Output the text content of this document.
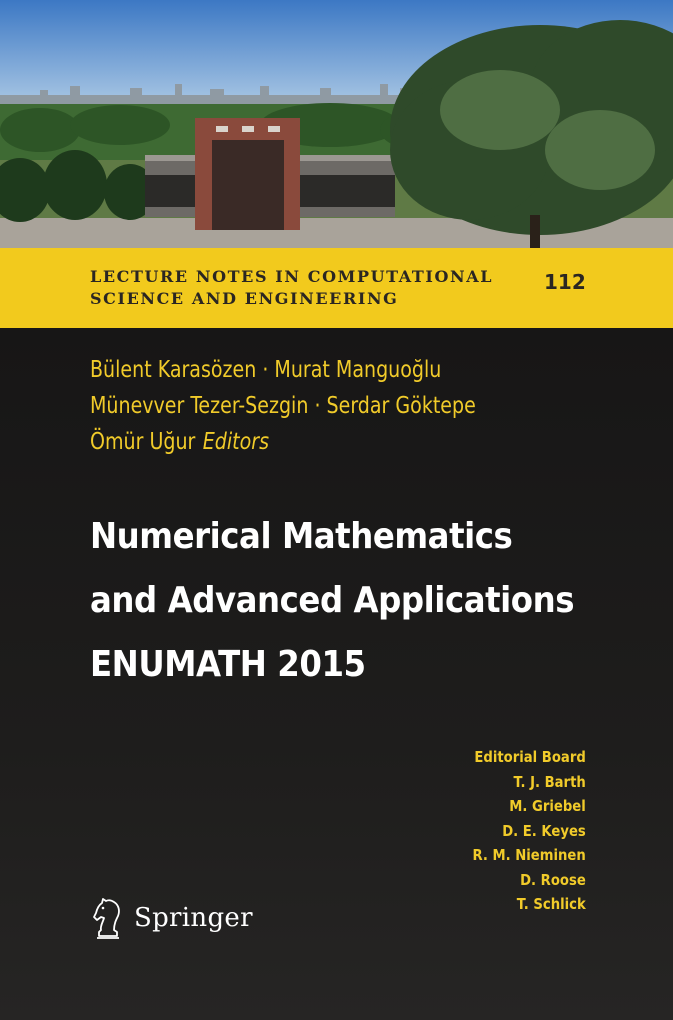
LECTURE NOTES IN COMPUTATIONAL
SCIENCE AND ENGINEERING
112
Bülent Karasözen · Murat Manguoğlu
Münevver Tezer-Sezgin · Serdar Göktepe
Ömür Uğur Editors
Numerical Mathematics
and Advanced Applications
ENUMATH 2015
Editorial Board
T. J. Barth
M. Griebel
D. E. Keyes
R. M. Nieminen
D. Roose
T. Schlick
Springer
